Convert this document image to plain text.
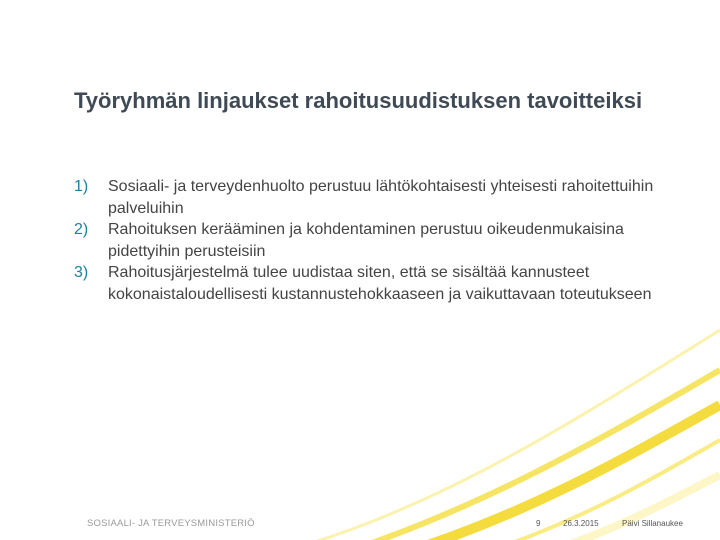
Työryhmän linjaukset rahoitusuudistuksen tavoitteiksi
1)	Sosiaali- ja terveydenhuolto perustuu lähtökohtaisesti yhteisesti rahoitettuihin palveluihin
2)	Rahoituksen kerääminen ja kohdentaminen perustuu oikeudenmukaisina pidettyihin perusteisiin
3)	Rahoitusjärjestelmä tulee uudistaa siten, että se sisältää kannusteet kokonaistaloudellisesti kustannustehokkaaseen ja vaikuttavaan toteutukseen
SOSIAALI- JA TERVEYSMINISTERIÖ	9	26.3.2015	Päivi Sillanaukee
